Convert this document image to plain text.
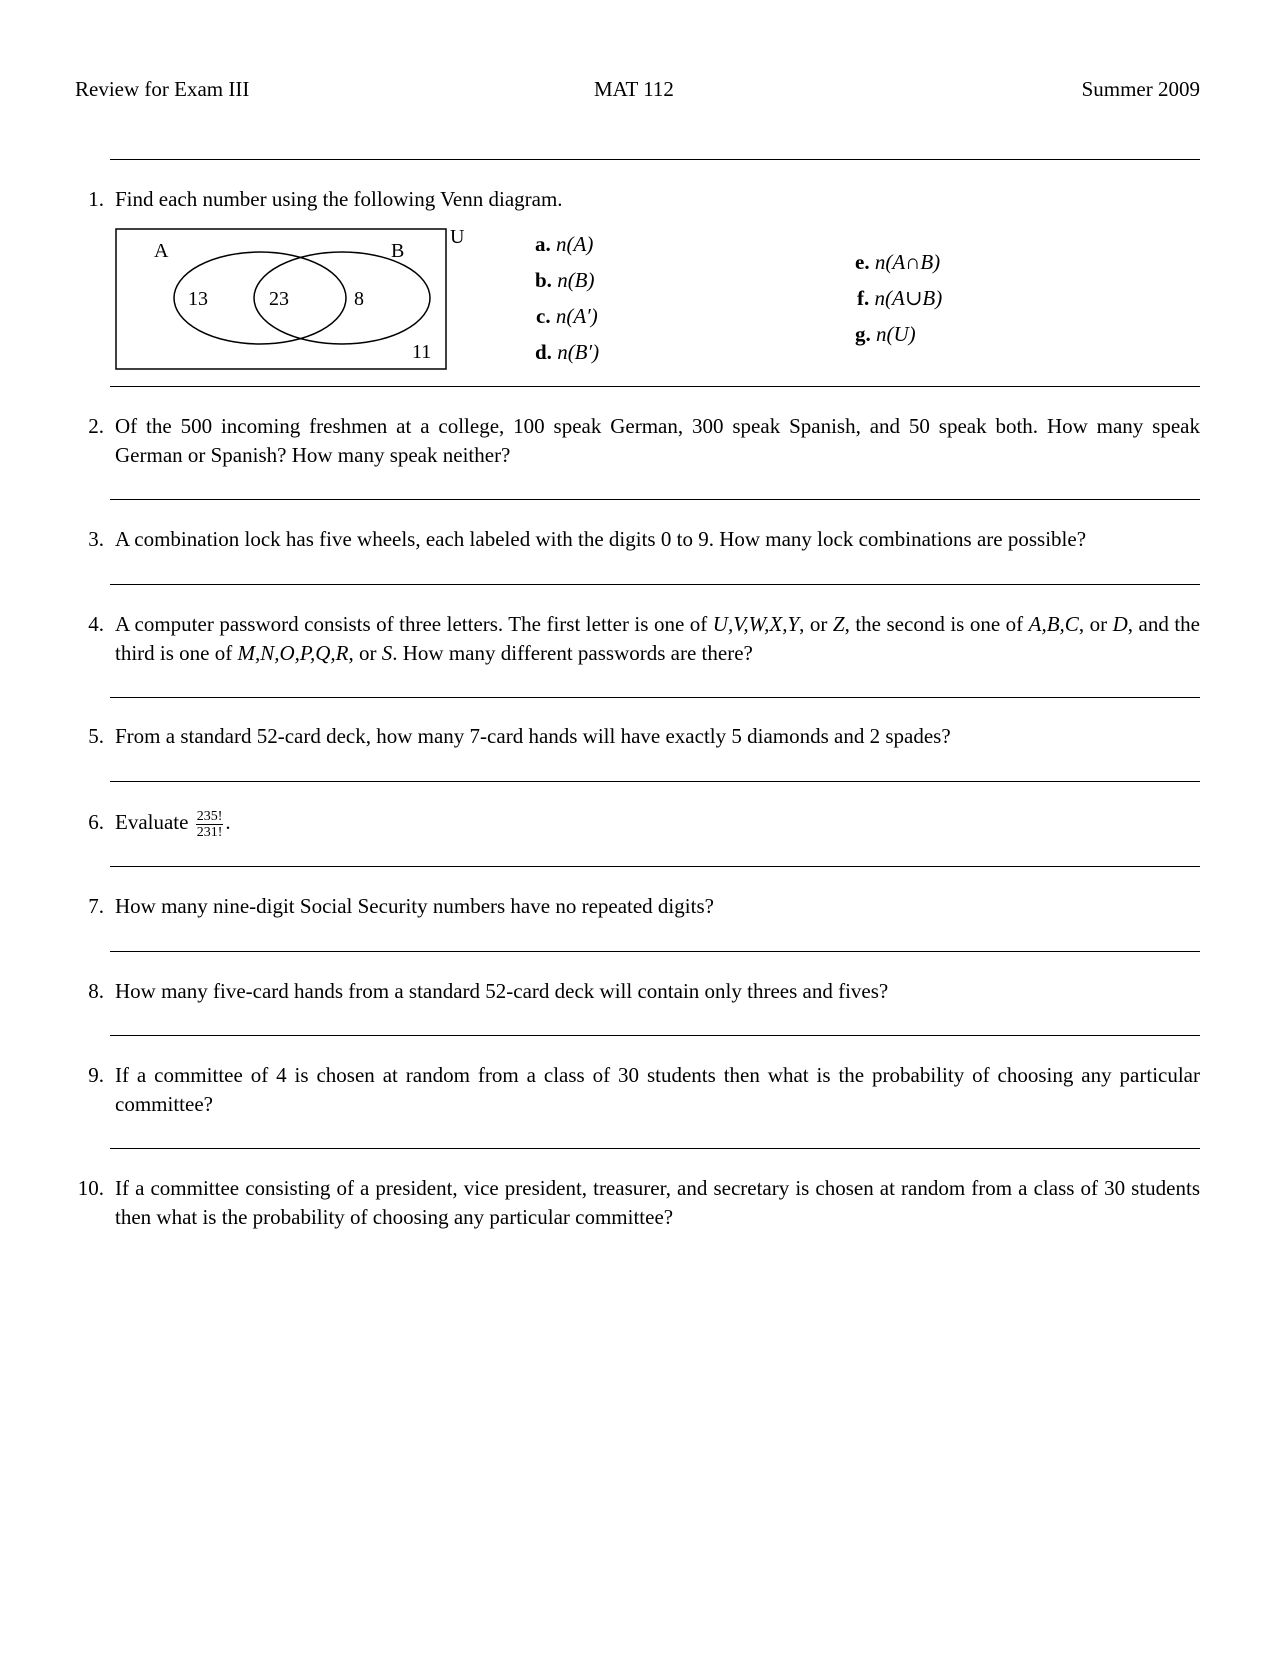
Review for Exam III	MAT 112	Summer 2009
1. Find each number using the following Venn diagram.
A	B
U
13	23	8
11
a. n(A)
b. n(B)
c. n(A′)
d. n(B′)
e. n(A∩B)
f. n(A∪B)
g. n(U)
2. Of the 500 incoming freshmen at a college, 100 speak German, 300 speak Spanish, and 50 speak both. How many speak German or Spanish? How many speak neither?
3. A combination lock has five wheels, each labeled with the digits 0 to 9. How many lock combinations are possible?
4. A computer password consists of three letters. The first letter is one of U,V,W,X,Y, or Z, the second is one of A,B,C, or D, and the third is one of M,N,O,P,Q,R, or S. How many different passwords are there?
5. From a standard 52-card deck, how many 7-card hands will have exactly 5 diamonds and 2 spades?
6. Evaluate $\frac{235!}{231!}$ .
7. How many nine-digit Social Security numbers have no repeated digits?
8. How many five-card hands from a standard 52-card deck will contain only threes and fives?
9. If a committee of 4 is chosen at random from a class of 30 students then what is the probability of choosing any particular committee?
10. If a committee consisting of a president, vice president, treasurer, and secretary is chosen at random from a class of 30 students then what is the probability of choosing any particular committee?
